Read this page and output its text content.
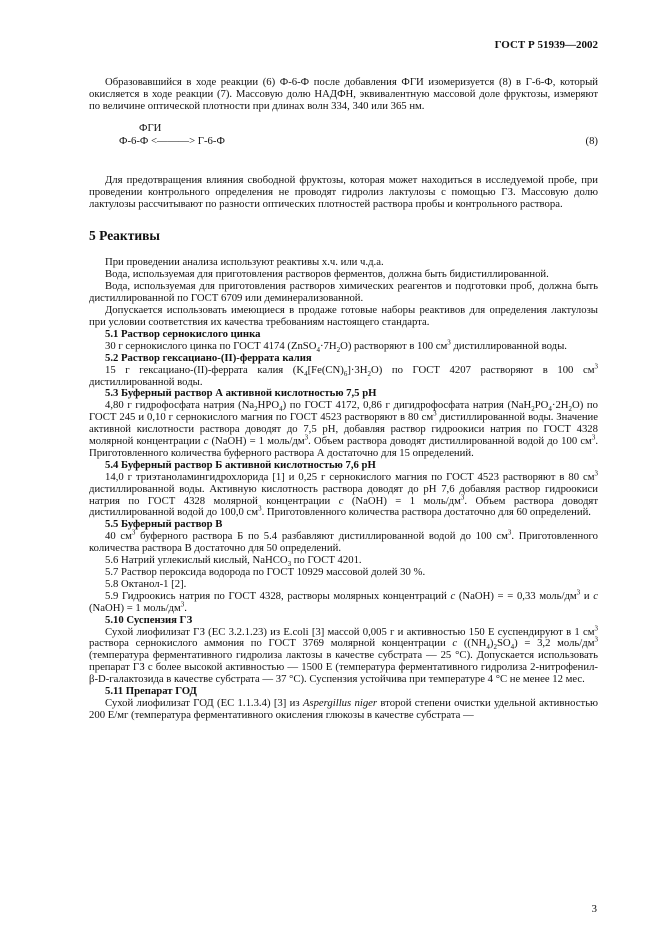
ГОСТ Р 51939—2002

Образовавшийся в ходе реакции (6) Ф-6-Ф после добавления ФГИ изомеризуется (8) в Г-6-Ф, который окисляется в ходе реакции (7). Массовую долю НАДФН, эквивалентную массовой доле фруктозы, измеряют по величине оптической плотности при длинах волн 334, 340 или 365 нм.

ФГИ
Ф-6-Ф <———> Г-6-Ф	(8)

Для предотвращения влияния свободной фруктозы, которая может находиться в исследуемой пробе, при проведении контрольного определения не проводят гидролиз лактулозы с помощью ГЗ. Массовую долю лактулозы рассчитывают по разности оптических плотностей раствора пробы и контрольного раствора.

5 Реактивы

При проведении анализа используют реактивы х.ч. или ч.д.а.

Вода, используемая для приготовления растворов ферментов, должна быть бидистиллированной.

Вода, используемая для приготовления растворов химических реагентов и подготовки проб, должна быть дистиллированной по ГОСТ 6709 или деминерализованной.

Допускается использовать имеющиеся в продаже готовые наборы реактивов для определения лактулозы при условии соответствия их качества требованиям настоящего стандарта.

5.1 Раствор сернокислого цинка

30 г сернокислого цинка по ГОСТ 4174 $(ZnSO_4\cdot 7H_2O)$ растворяют в 100 $см^3$ дистиллированной воды.

5.2 Раствор гексациано-(II)-феррата калия

15 г гексациано-(II)-феррата калия $(K_4[Fe(CN)_6]\cdot 3H_2O)$ по ГОСТ 4207 растворяют в 100 $см^3$ дистиллированной воды.

5.3 Буферный раствор А активной кислотностью 7,5 рН

4,80 г гидрофосфата натрия $(Na_2HPO_4)$ по ГОСТ 4172, 0,86 г дигидрофосфата натрия $(NaH_2PO_4\cdot 2H_2O)$ по ГОСТ 245 и 0,10 г сернокислого магния по ГОСТ 4523 растворяют в 80 $см^3$ дистиллированной воды. Значение активной кислотности раствора доводят до 7,5 рН, добавляя раствор гидроокиси натрия по ГОСТ 4328 молярной концентрации c (NaOH) = 1 моль/$дм^3$. Объем раствора доводят дистиллированной водой до 100 $см^3$. Приготовленного количества буферного раствора А достаточно для 15 определений.

5.4 Буферный раствор Б активной кислотностью 7,6 рН

14,0 г триэтаноламингидрохлорида [1] и 0,25 г сернокислого магния по ГОСТ 4523 растворяют в 80 $см^3$ дистиллированной воды. Активную кислотность раствора доводят до рН 7,6 добавляя раствор гидроокиси натрия по ГОСТ 4328 молярной концентрации c (NaOH) = 1 моль/$дм^3$. Объем раствора доводят дистиллированной водой до 100,0 $см^3$. Приготовленного количества раствора достаточно для 60 определений.

5.5 Буферный раствор В

40 $см^3$ буферного раствора Б по 5.4 разбавляют дистиллированной водой до 100 $см^3$. Приготовленного количества раствора В достаточно для 50 определений.

5.6 Натрий углекислый кислый, NaHCO$_3$ по ГОСТ 4201.

5.7 Раствор пероксида водорода по ГОСТ 10929 массовой долей 30 %.

5.8 Октанол-1 [2].

5.9 Гидроокись натрия по ГОСТ 4328, растворы молярных концентраций c (NaOH) = = 0,33 моль/$дм^3$ и c (NaOH) = 1 моль/$дм^3$.

5.10 Суспензия ГЗ

Сухой лиофилизат ГЗ (ЕС 3.2.1.23) из E.coli [3] массой 0,005 г и активностью 150 Е суспендируют в 1 $см^3$ раствора сернокислого аммония по ГОСТ 3769 молярной концентрации c $((NH_4)_2SO_4) = 3,2$ моль/$дм^3$ (температура ферментативного гидролиза лактозы в качестве субстрата — 25 °С). Допускается использовать препарат ГЗ с более высокой активностью — 1500 Е (температура ферментативного гидролиза 2-нитрофенил-β-D-галактозида в качестве субстрата — 37 °С). Суспензия устойчива при температуре 4 °С не менее 12 мес.

5.11 Препарат ГОД

Сухой лиофилизат ГОД (ЕС 1.1.3.4) [3] из Aspergillus niger второй степени очистки удельной активностью 200 Е/мг (температура ферментативного окисления глюкозы в качестве субстрата —

3
